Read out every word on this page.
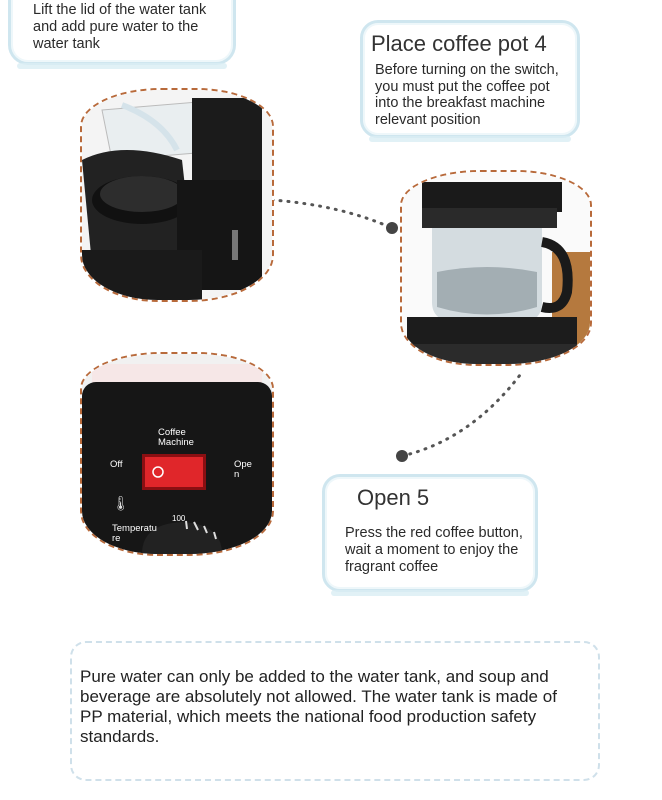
Lift the lid of the water tank and add pure water to the water tank	Place coffee pot 4
Before turning on the switch, you must put the coffee pot into the breakfast machine relevant position
🌡
Coffee
Machine
Off	Ope
n
Temperatu
re
100
Open 5
Press the red coffee button, wait a moment to enjoy the fragrant coffee
Pure water can only be added to the water tank, and soup and beverage are absolutely not allowed. The water tank is made of PP material, which meets the national food production safety standards.
